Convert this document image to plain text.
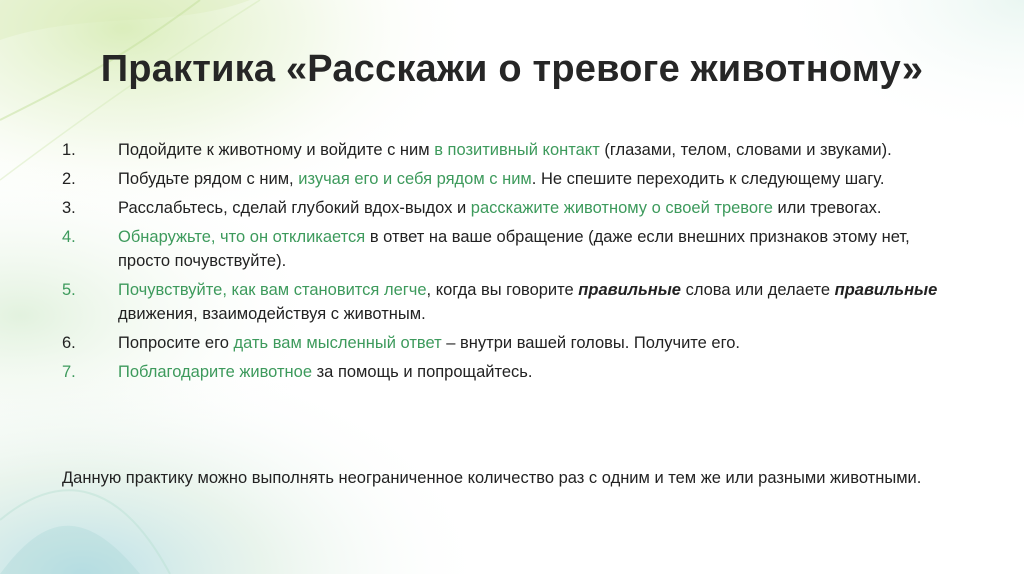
Практика «Расскажи о тревоге животному»
1.	Подойдите к животному и войдите с ним в позитивный контакт (глазами, телом, словами и звуками).
2.	Побудьте рядом с ним, изучая его и себя рядом с ним. Не спешите переходить к следующему шагу.
3.	Расслабьтесь, сделай глубокий вдох-выдох и расскажите животному о своей тревоге или тревогах.
4.	Обнаружьте, что он откликается в ответ на ваше обращение (даже если внешних признаков этому нет, просто почувствуйте).
5.	Почувствуйте, как вам становится легче, когда вы говорите правильные слова или делаете правильные движения, взаимодействуя с животным.
6.	Попросите его дать вам мысленный ответ – внутри вашей головы. Получите его.
7.	Поблагодарите животное за помощь и попрощайтесь.
Данную практику можно выполнять неограниченное количество раз с одним и тем же или разными животными.
